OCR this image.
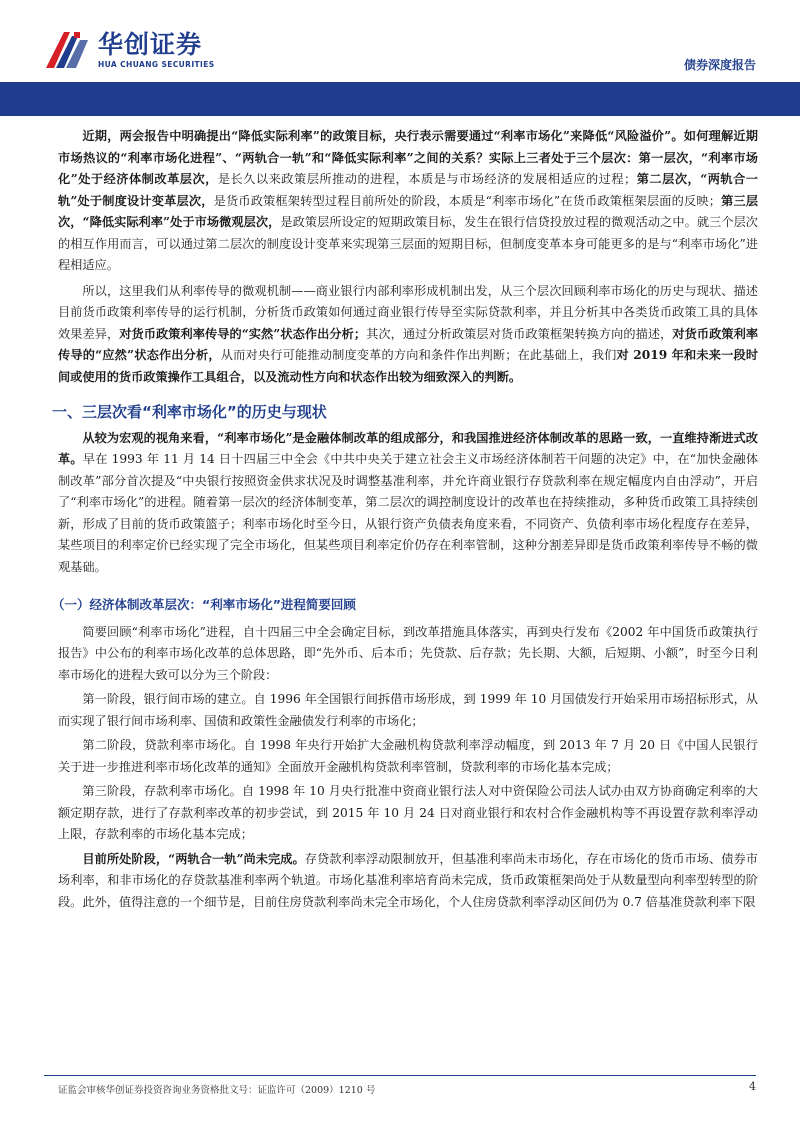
华创证券
HUA CHUANG SECURITIES	债券深度报告

近期，两会报告中明确提出“降低实际利率”的政策目标，央行表示需要通过“利率市场化”来降低“风险溢价”。如何理解近期市场热议的“利率市场化进程”、“两轨合一轨”和“降低实际利率”之间的关系？实际上三者处于三个层次：第一层次，“利率市场化”处于经济体制改革层次，是长久以来政策层所推动的进程，本质是与市场经济的发展相适应的过程；第二层次，“两轨合一轨”处于制度设计变革层次，是货币政策框架转型过程目前所处的阶段，本质是“利率市场化”在货币政策框架层面的反映；第三层次，“降低实际利率”处于市场微观层次，是政策层所设定的短期政策目标，发生在银行信贷投放过程的微观活动之中。就三个层次的相互作用而言，可以通过第二层次的制度设计变革来实现第三层面的短期目标，但制度变革本身可能更多的是与“利率市场化”进程相适应。

所以，这里我们从利率传导的微观机制——商业银行内部利率形成机制出发，从三个层次回顾利率市场化的历史与现状、描述目前货币政策利率传导的运行机制，分析货币政策如何通过商业银行传导至实际贷款利率，并且分析其中各类货币政策工具的具体效果差异，对货币政策利率传导的“实然”状态作出分析；其次，通过分析政策层对货币政策框架转换方向的描述，对货币政策利率传导的“应然”状态作出分析，从而对央行可能推动制度变革的方向和条件作出判断；在此基础上，我们对 2019 年和未来一段时间或使用的货币政策操作工具组合，以及流动性方向和状态作出较为细致深入的判断。

一、三层次看“利率市场化”的历史与现状

从较为宏观的视角来看，“利率市场化”是金融体制改革的组成部分，和我国推进经济体制改革的思路一致，一直维持渐进式改革。早在 1993 年 11 月 14 日十四届三中全会《中共中央关于建立社会主义市场经济体制若干问题的决定》中，在“加快金融体制改革”部分首次提及“中央银行按照资金供求状况及时调整基准利率，并允许商业银行存贷款利率在规定幅度内自由浮动”，开启了“利率市场化”的进程。随着第一层次的经济体制变革，第二层次的调控制度设计的改革也在持续推动，多种货币政策工具持续创新，形成了目前的货币政策篮子；利率市场化时至今日，从银行资产负债表角度来看，不同资产、负债利率市场化程度存在差异，某些项目的利率定价已经实现了完全市场化，但某些项目利率定价仍存在利率管制，这种分割差异即是货币政策利率传导不畅的微观基础。

（一）经济体制改革层次：“利率市场化”进程简要回顾

简要回顾“利率市场化”进程，自十四届三中全会确定目标，到改革措施具体落实，再到央行发布《2002 年中国货币政策执行报告》中公布的利率市场化改革的总体思路，即“先外币、后本币；先贷款、后存款；先长期、大额，后短期、小额”，时至今日利率市场化的进程大致可以分为三个阶段：

第一阶段，银行间市场的建立。自 1996 年全国银行间拆借市场形成，到 1999 年 10 月国债发行开始采用市场招标形式，从而实现了银行间市场利率、国债和政策性金融债发行利率的市场化；

第二阶段，贷款利率市场化。自 1998 年央行开始扩大金融机构贷款利率浮动幅度，到 2013 年 7 月 20 日《中国人民银行关于进一步推进利率市场化改革的通知》全面放开金融机构贷款利率管制，贷款利率的市场化基本完成；

第三阶段，存款利率市场化。自 1998 年 10 月央行批准中资商业银行法人对中资保险公司法人试办由双方协商确定利率的大额定期存款，进行了存款利率改革的初步尝试，到 2015 年 10 月 24 日对商业银行和农村合作金融机构等不再设置存款利率浮动上限，存款利率的市场化基本完成；

目前所处阶段，“两轨合一轨”尚未完成。存贷款利率浮动限制放开，但基准利率尚未市场化，存在市场化的货币市场、债券市场利率，和非市场化的存贷款基准利率两个轨道。市场化基准利率培育尚未完成，货币政策框架尚处于从数量型向利率型转型的阶段。此外，值得注意的一个细节是，目前住房贷款利率尚未完全市场化，个人住房贷款利率浮动区间仍为 0.7 倍基准贷款利率下限

证监会审核华创证券投资咨询业务资格批文号：证监许可（2009）1210 号	4
